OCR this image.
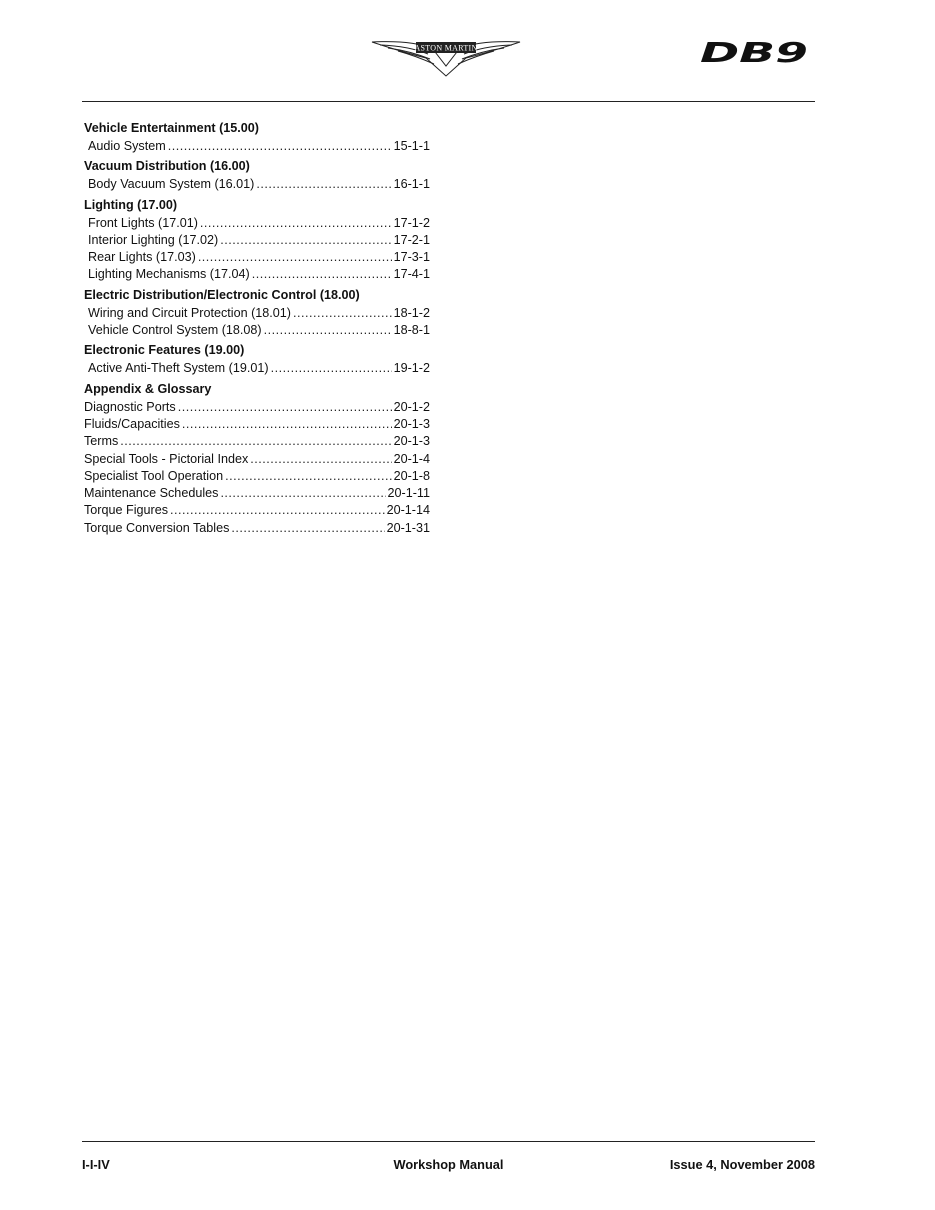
ASTON MARTIN	DB9
Vehicle Entertainment (15.00)
Audio System .....	15-1-1
Vacuum Distribution (16.00)
Body Vacuum System (16.01) .....	16-1-1
Lighting (17.00)
Front Lights (17.01) .....	17-1-2
Interior Lighting (17.02) .....	17-2-1
Rear Lights (17.03) .....	17-3-1
Lighting Mechanisms (17.04) .....	17-4-1
Electric Distribution/Electronic Control (18.00)
Wiring and Circuit Protection (18.01) .....	18-1-2
Vehicle Control System (18.08) .....	18-8-1
Electronic Features (19.00)
Active Anti-Theft System (19.01) .....	19-1-2
Appendix & Glossary
Diagnostic Ports .....	20-1-2
Fluids/Capacities .....	20-1-3
Terms .....	20-1-3
Special Tools - Pictorial Index .....	20-1-4
Specialist Tool Operation .....	20-1-8
Maintenance Schedules .....	20-1-11
Torque Figures .....	20-1-14
Torque Conversion Tables .....	20-1-31
I-I-IV	Workshop Manual	Issue 4, November 2008
